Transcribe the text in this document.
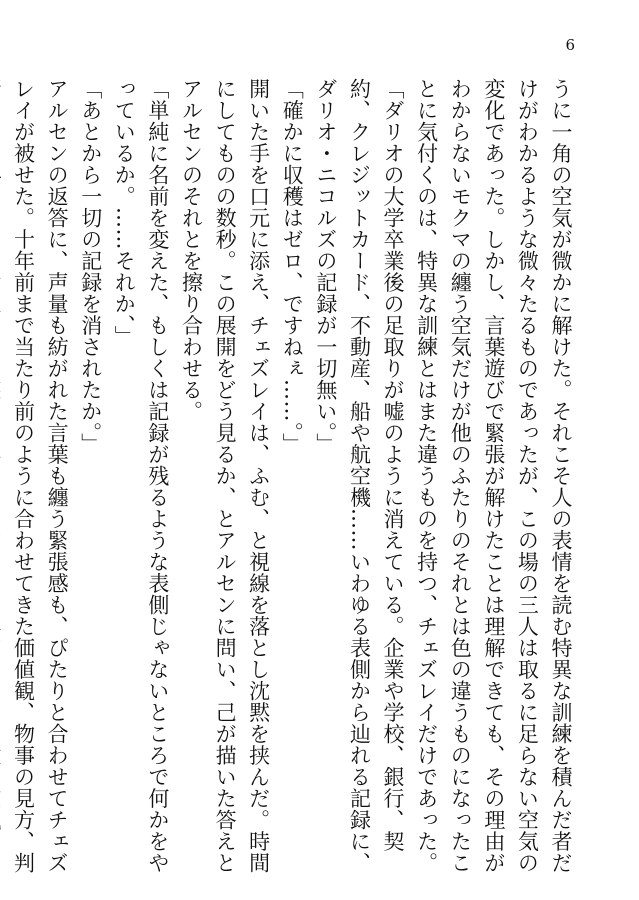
6

うに一角の空気が微かに解けた。それこそ人の表情を読む特異な訓練を積んだ者だけがわかるような微々たるものであったが、この場の三人は取るに足らない空気の変化であった。しかし、言葉遊びで緊張が解けたことは理解できても、その理由がわからないモクマの纏う空気だけが他のふたりのそれとは色の違うものになったことに気付くのは、特異な訓練とはまた違うものを持つ、チェズレイだけであった。

「ダリオの大学卒業後の足取りが嘘のように消えている。企業や学校、銀行、契約、クレジットカード、不動産、船や航空機……いわゆる表側から辿れる記録に、ダリオ・ニコルズの記録が一切無い。」

「確かに収穫はゼロ、ですねぇ……。」

開いた手を口元に添え、チェズレイは、ふむ、と視線を落とし沈黙を挟んだ。時間にしてものの数秒。この展開をどう見るか、とアルセンに問い、己が描いた答えとアルセンのそれとを擦り合わせる。

「単純に名前を変えた、もしくは記録が残るような表側じゃないところで何かをやっているか。……それか、」

「あとから一切の記録を消されたか。」

アルセンの返答に、声量も紡がれた言葉も纏う緊張感も、ぴたりと合わせてチェズレイが被せた。十年前まで当たり前のように合わせてきた価値観、物事の見方、判
